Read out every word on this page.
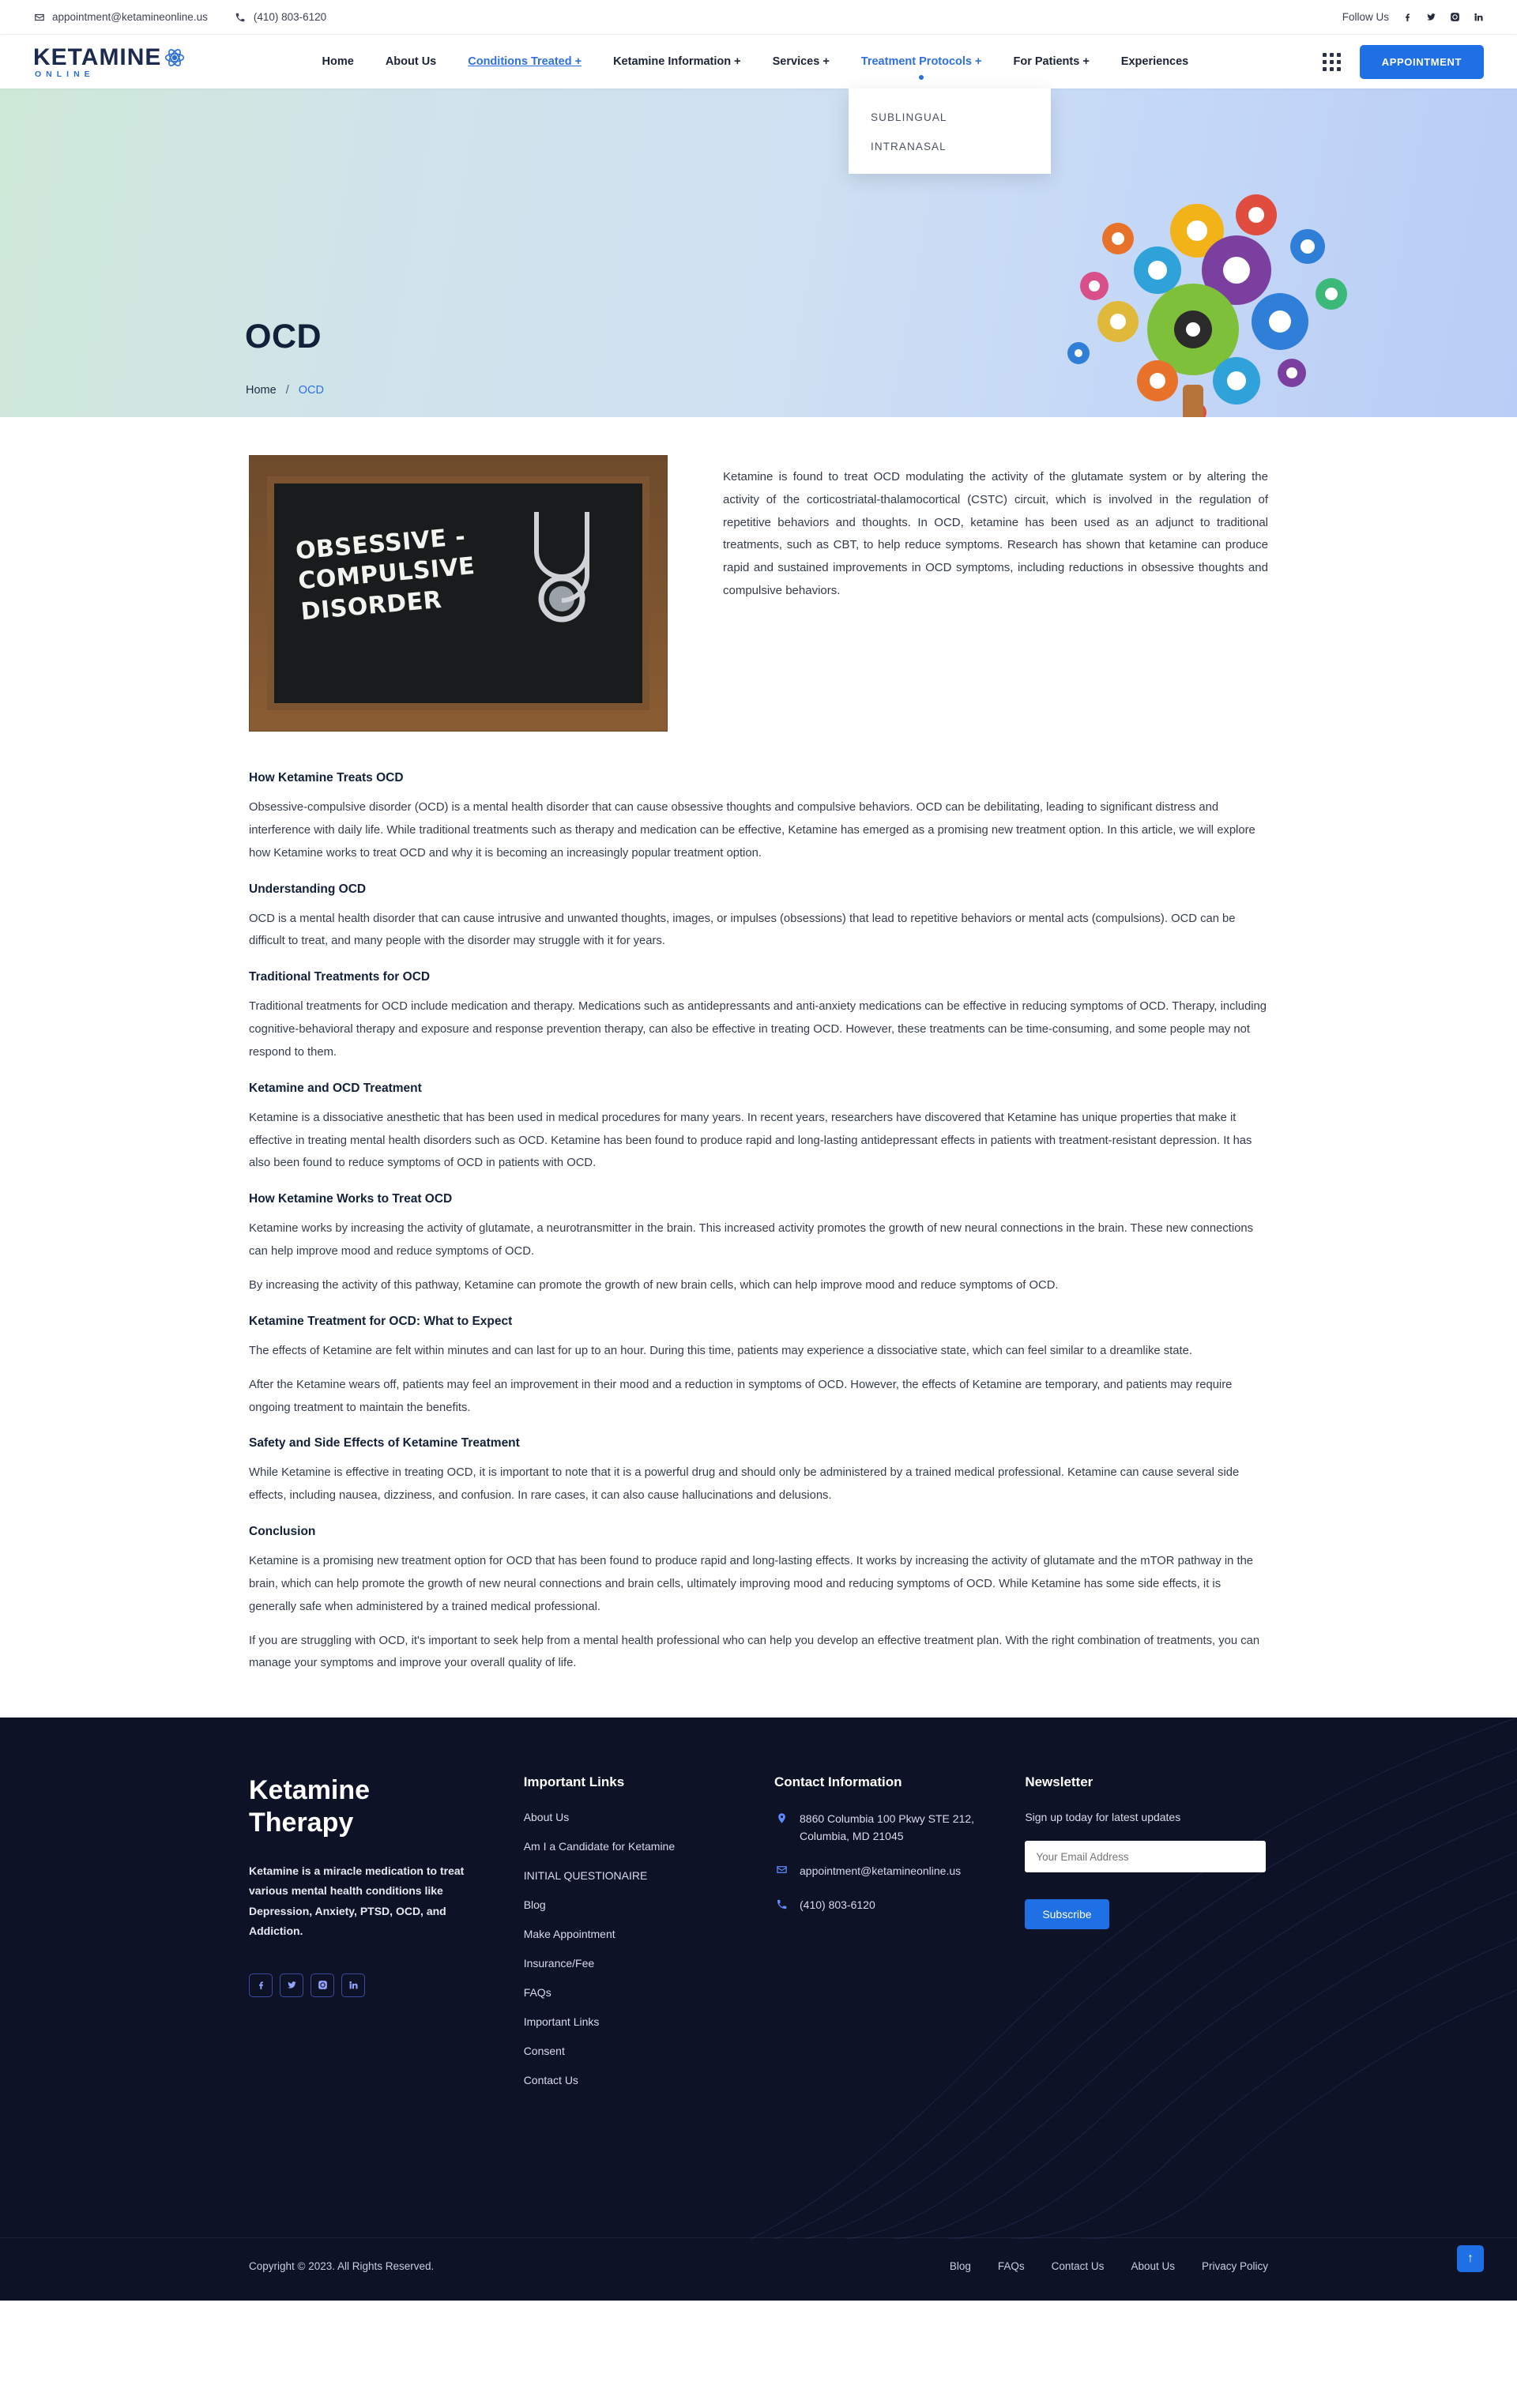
appointment@ketamineonline.us	(410) 803-6120	Follow Us
KETAMINE
ONLINE
Home	About Us	Conditions Treated +	Ketamine Information +	Services +	Treatment Protocols +	For Patients +	Experiences	APPOINTMENT
SUBLINGUAL
INTRANASAL
OCD
Home / OCD
OBSESSIVE - COMPULSIVE DISORDER
Ketamine is found to treat OCD modulating the activity of the glutamate system or by altering the activity of the corticostriatal-thalamocortical (CSTC) circuit, which is involved in the regulation of repetitive behaviors and thoughts. In OCD, ketamine has been used as an adjunct to traditional treatments, such as CBT, to help reduce symptoms. Research has shown that ketamine can produce rapid and sustained improvements in OCD symptoms, including reductions in obsessive thoughts and compulsive behaviors.
How Ketamine Treats OCD

Obsessive-compulsive disorder (OCD) is a mental health disorder that can cause obsessive thoughts and compulsive behaviors. OCD can be debilitating, leading to significant distress and interference with daily life. While traditional treatments such as therapy and medication can be effective, Ketamine has emerged as a promising new treatment option. In this article, we will explore how Ketamine works to treat OCD and why it is becoming an increasingly popular treatment option.

Understanding OCD

OCD is a mental health disorder that can cause intrusive and unwanted thoughts, images, or impulses (obsessions) that lead to repetitive behaviors or mental acts (compulsions). OCD can be difficult to treat, and many people with the disorder may struggle with it for years.

Traditional Treatments for OCD

Traditional treatments for OCD include medication and therapy. Medications such as antidepressants and anti-anxiety medications can be effective in reducing symptoms of OCD. Therapy, including cognitive-behavioral therapy and exposure and response prevention therapy, can also be effective in treating OCD. However, these treatments can be time-consuming, and some people may not respond to them.

Ketamine and OCD Treatment

Ketamine is a dissociative anesthetic that has been used in medical procedures for many years. In recent years, researchers have discovered that Ketamine has unique properties that make it effective in treating mental health disorders such as OCD. Ketamine has been found to produce rapid and long-lasting antidepressant effects in patients with treatment-resistant depression. It has also been found to reduce symptoms of OCD in patients with OCD.

How Ketamine Works to Treat OCD

Ketamine works by increasing the activity of glutamate, a neurotransmitter in the brain. This increased activity promotes the growth of new neural connections in the brain. These new connections can help improve mood and reduce symptoms of OCD.

By increasing the activity of this pathway, Ketamine can promote the growth of new brain cells, which can help improve mood and reduce symptoms of OCD.

Ketamine Treatment for OCD: What to Expect

The effects of Ketamine are felt within minutes and can last for up to an hour. During this time, patients may experience a dissociative state, which can feel similar to a dreamlike state.

After the Ketamine wears off, patients may feel an improvement in their mood and a reduction in symptoms of OCD. However, the effects of Ketamine are temporary, and patients may require ongoing treatment to maintain the benefits.

Safety and Side Effects of Ketamine Treatment

While Ketamine is effective in treating OCD, it is important to note that it is a powerful drug and should only be administered by a trained medical professional. Ketamine can cause several side effects, including nausea, dizziness, and confusion. In rare cases, it can also cause hallucinations and delusions.

Conclusion

Ketamine is a promising new treatment option for OCD that has been found to produce rapid and long-lasting effects. It works by increasing the activity of glutamate and the mTOR pathway in the brain, which can help promote the growth of new neural connections and brain cells, ultimately improving mood and reducing symptoms of OCD. While Ketamine has some side effects, it is generally safe when administered by a trained medical professional.

If you are struggling with OCD, it's important to seek help from a mental health professional who can help you develop an effective treatment plan. With the right combination of treatments, you can manage your symptoms and improve your overall quality of life.

Ketamine
Therapy
Ketamine is a miracle medication to treat various mental health conditions like Depression, Anxiety, PTSD, OCD, and Addiction.
Important Links
About Us
Am I a Candidate for Ketamine
INITIAL QUESTIONAIRE
Blog
Make Appointment
Insurance/Fee
FAQs
Important Links
Consent
Contact Us
Contact Information
8860 Columbia 100 Pkwy STE 212, Columbia, MD 21045
appointment@ketamineonline.us
(410) 803-6120
Newsletter
Sign up today for latest updates
Your Email Address
Subscribe
Copyright © 2023. All Rights Reserved.	Blog	FAQs	Contact Us	About Us	Privacy Policy
↑
